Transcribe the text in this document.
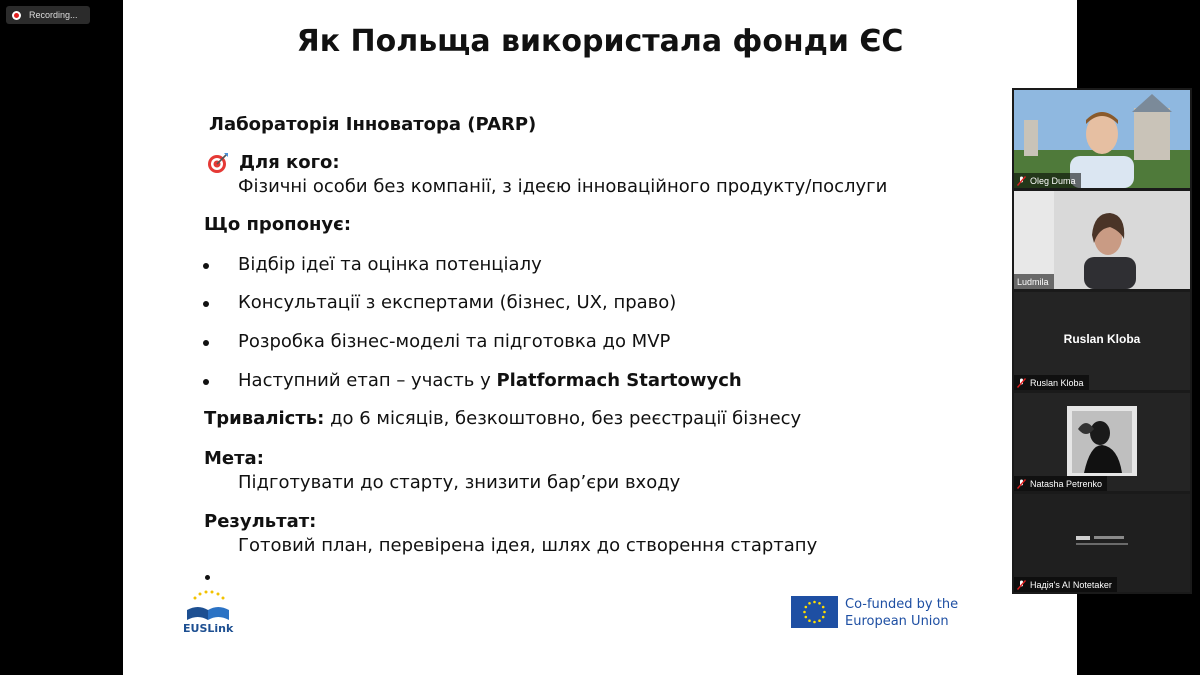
Recording...
Як Польща використала фонди ЄС
Лабораторія Інноватора (PARP)
Для кого:
Фізичні особи без компанії, з ідеєю інноваційного продукту/послуги
Що пропонує:
Відбір ідеї та оцінка потенціалу
Консультації з експертами (бізнес, UX, право)
Розробка бізнес-моделі та підготовка до MVP
Наступний етап – участь у Platformach Startowych
Тривалість: до 6 місяців, безкоштовно, без реєстрації бізнесу
Мета:
Підготувати до старту, знизити бар’єри входу
Результат:
Готовий план, перевірена ідея, шлях до створення стартапу
EUSLink
Co-funded by the
European Union
Oleg Duma
Ludmila
Ruslan Kloba
Ruslan Kloba
Natasha Petrenko
Надія's AI Notetaker
